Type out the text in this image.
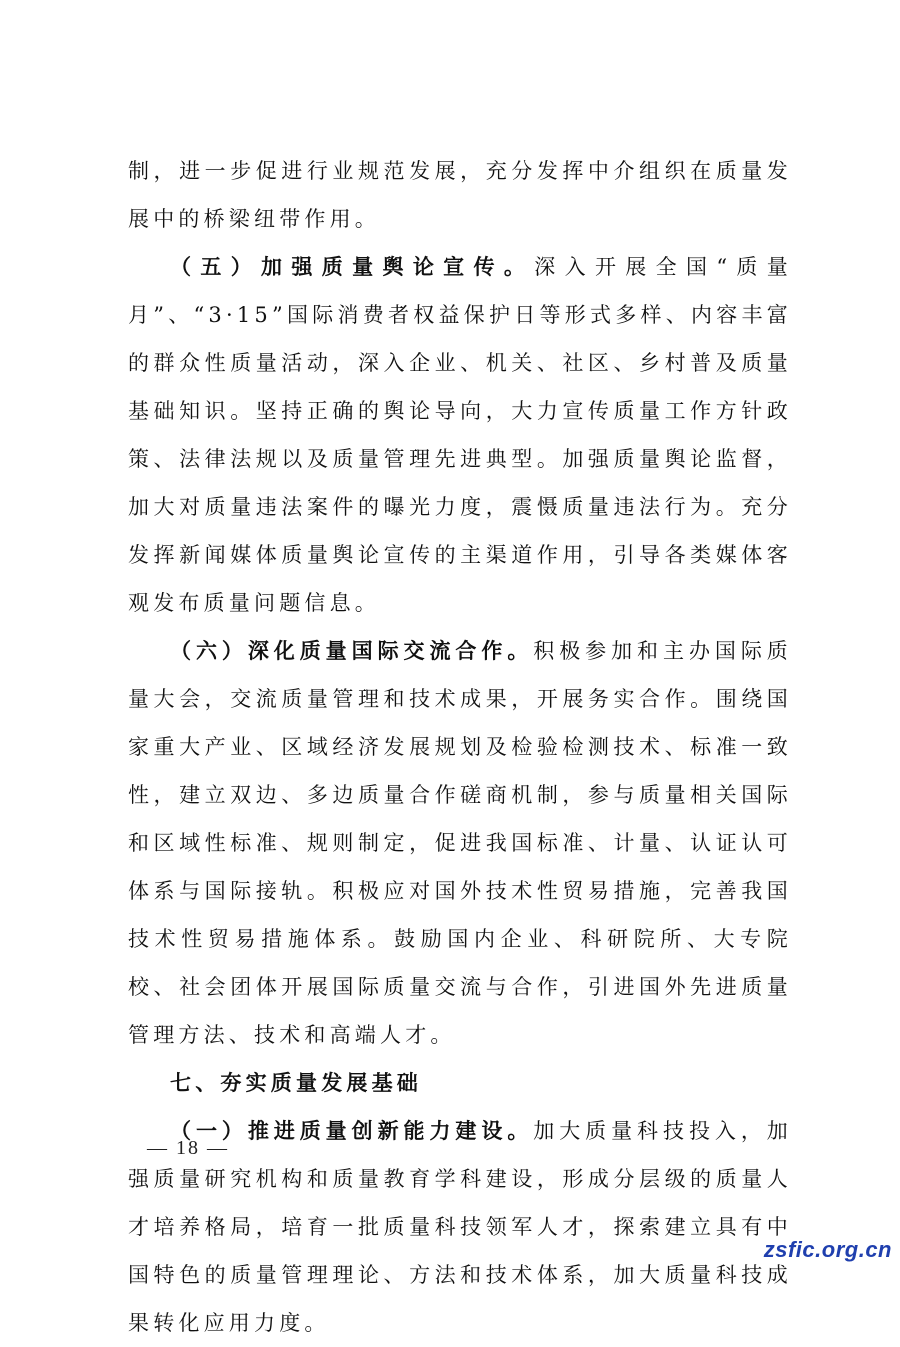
制，进一步促进行业规范发展，充分发挥中介组织在质量发展中的桥梁纽带作用。

（五）加强质量舆论宣传。深入开展全国“质量月”、“3·15”国际消费者权益保护日等形式多样、内容丰富的群众性质量活动，深入企业、机关、社区、乡村普及质量基础知识。坚持正确的舆论导向，大力宣传质量工作方针政策、法律法规以及质量管理先进典型。加强质量舆论监督，加大对质量违法案件的曝光力度，震慑质量违法行为。充分发挥新闻媒体质量舆论宣传的主渠道作用，引导各类媒体客观发布质量问题信息。

（六）深化质量国际交流合作。积极参加和主办国际质量大会，交流质量管理和技术成果，开展务实合作。围绕国家重大产业、区域经济发展规划及检验检测技术、标准一致性，建立双边、多边质量合作磋商机制，参与质量相关国际和区域性标准、规则制定，促进我国标准、计量、认证认可体系与国际接轨。积极应对国外技术性贸易措施，完善我国技术性贸易措施体系。鼓励国内企业、科研院所、大专院校、社会团体开展国际质量交流与合作，引进国外先进质量管理方法、技术和高端人才。

七、夯实质量发展基础

（一）推进质量创新能力建设。加大质量科技投入，加强质量研究机构和质量教育学科建设，形成分层级的质量人才培养格局，培育一批质量科技领军人才，探索建立具有中国特色的质量管理理论、方法和技术体系，加大质量科技成果转化应用力度。

— 18 —
zsfic.org.cn
